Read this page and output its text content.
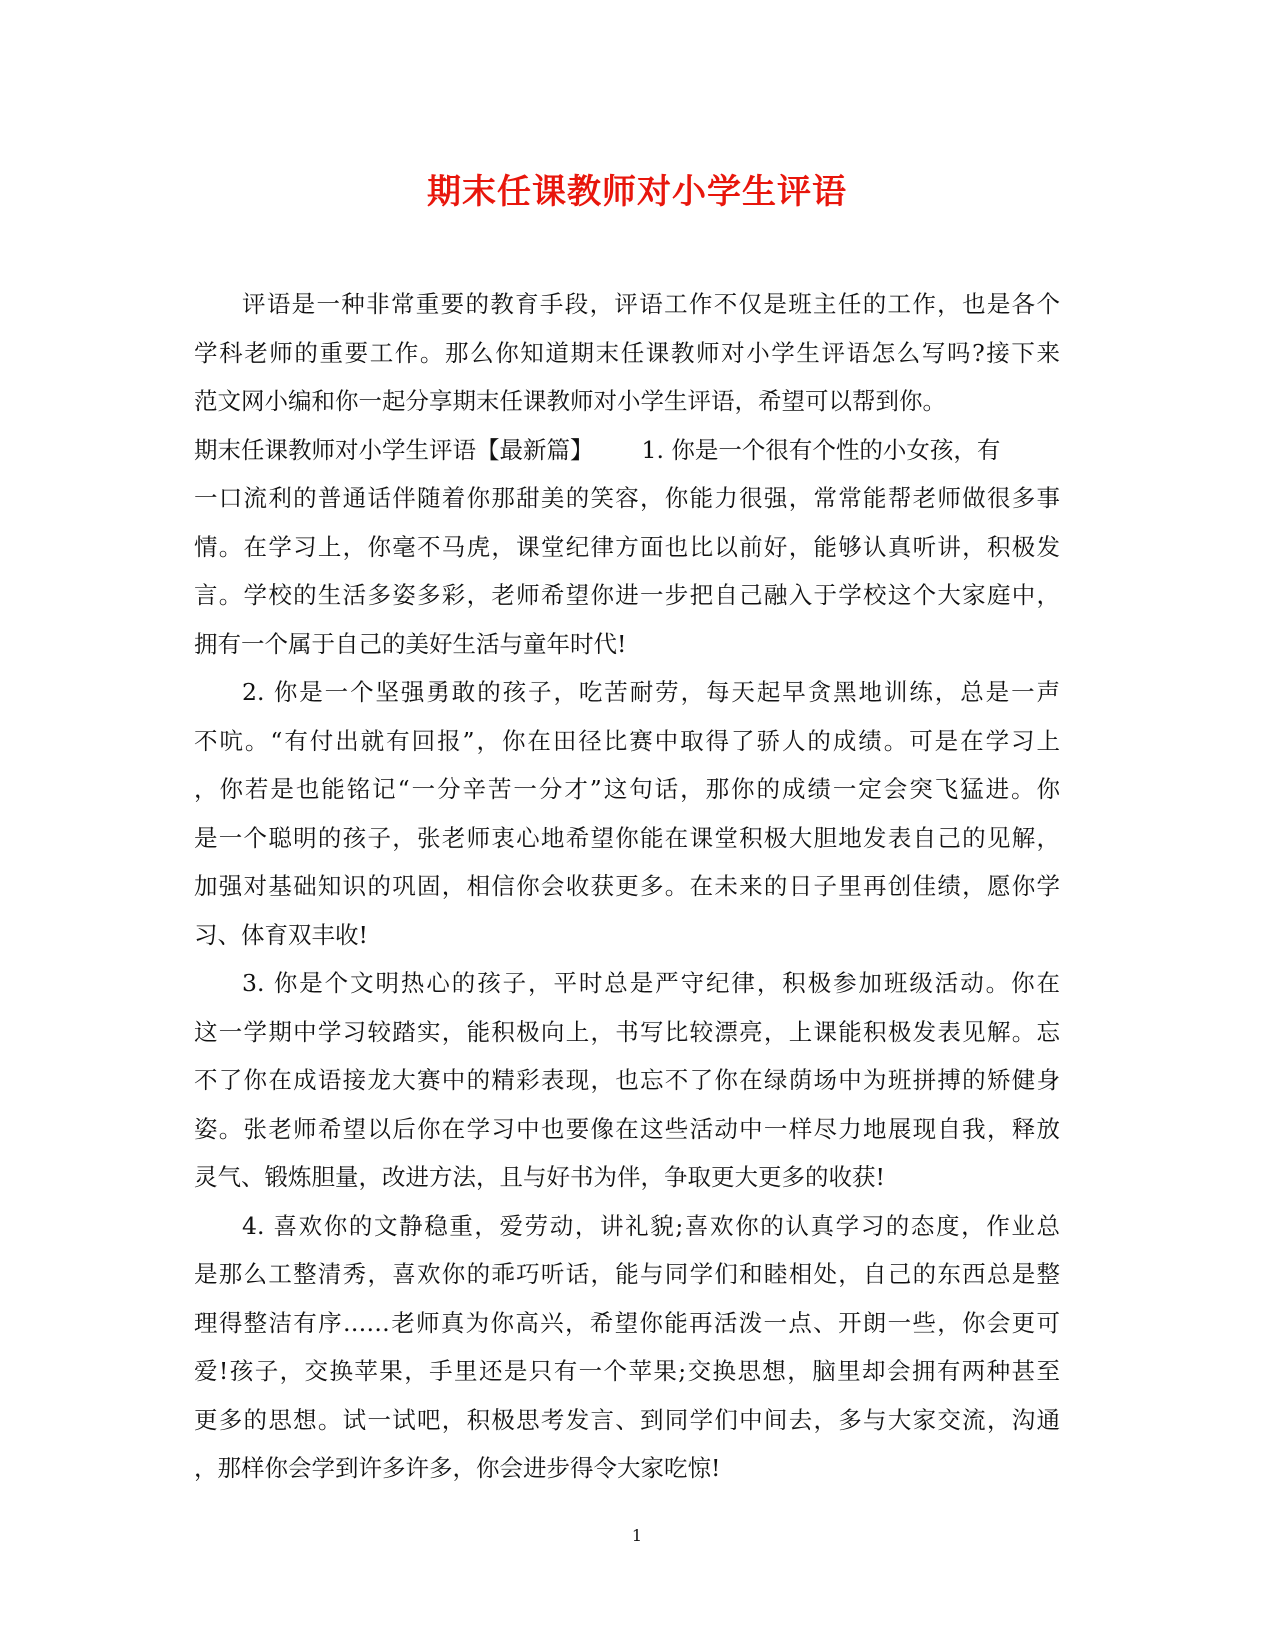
期末任课教师对小学生评语
评语是一种非常重要的教育手段，评语工作不仅是班主任的工作，也是各个
学科老师的重要工作。那么你知道期末任课教师对小学生评语怎么写吗?接下来
范文网小编和你一起分享期末任课教师对小学生评语，希望可以帮到你。
期末任课教师对小学生评语【最新篇】 1. 你是一个很有个性的小女孩，有
一口流利的普通话伴随着你那甜美的笑容，你能力很强，常常能帮老师做很多事
情。在学习上，你毫不马虎，课堂纪律方面也比以前好，能够认真听讲，积极发
言。学校的生活多姿多彩，老师希望你进一步把自己融入于学校这个大家庭中，
拥有一个属于自己的美好生活与童年时代!
2. 你是一个坚强勇敢的孩子，吃苦耐劳，每天起早贪黑地训练，总是一声
不吭。“有付出就有回报”，你在田径比赛中取得了骄人的成绩。可是在学习上
，你若是也能铭记“一分辛苦一分才”这句话，那你的成绩一定会突飞猛进。你
是一个聪明的孩子，张老师衷心地希望你能在课堂积极大胆地发表自己的见解，
加强对基础知识的巩固，相信你会收获更多。在未来的日子里再创佳绩，愿你学
习、体育双丰收!
3. 你是个文明热心的孩子，平时总是严守纪律，积极参加班级活动。你在
这一学期中学习较踏实，能积极向上，书写比较漂亮，上课能积极发表见解。忘
不了你在成语接龙大赛中的精彩表现，也忘不了你在绿荫场中为班拼搏的矫健身
姿。张老师希望以后你在学习中也要像在这些活动中一样尽力地展现自我，释放
灵气、锻炼胆量，改进方法，且与好书为伴，争取更大更多的收获!
4. 喜欢你的文静稳重，爱劳动，讲礼貌;喜欢你的认真学习的态度，作业总
是那么工整清秀，喜欢你的乖巧听话，能与同学们和睦相处，自己的东西总是整
理得整洁有序……老师真为你高兴，希望你能再活泼一点、开朗一些，你会更可
爱!孩子，交换苹果，手里还是只有一个苹果;交换思想，脑里却会拥有两种甚至
更多的思想。试一试吧，积极思考发言、到同学们中间去，多与大家交流，沟通
，那样你会学到许多许多，你会进步得令大家吃惊!
1
